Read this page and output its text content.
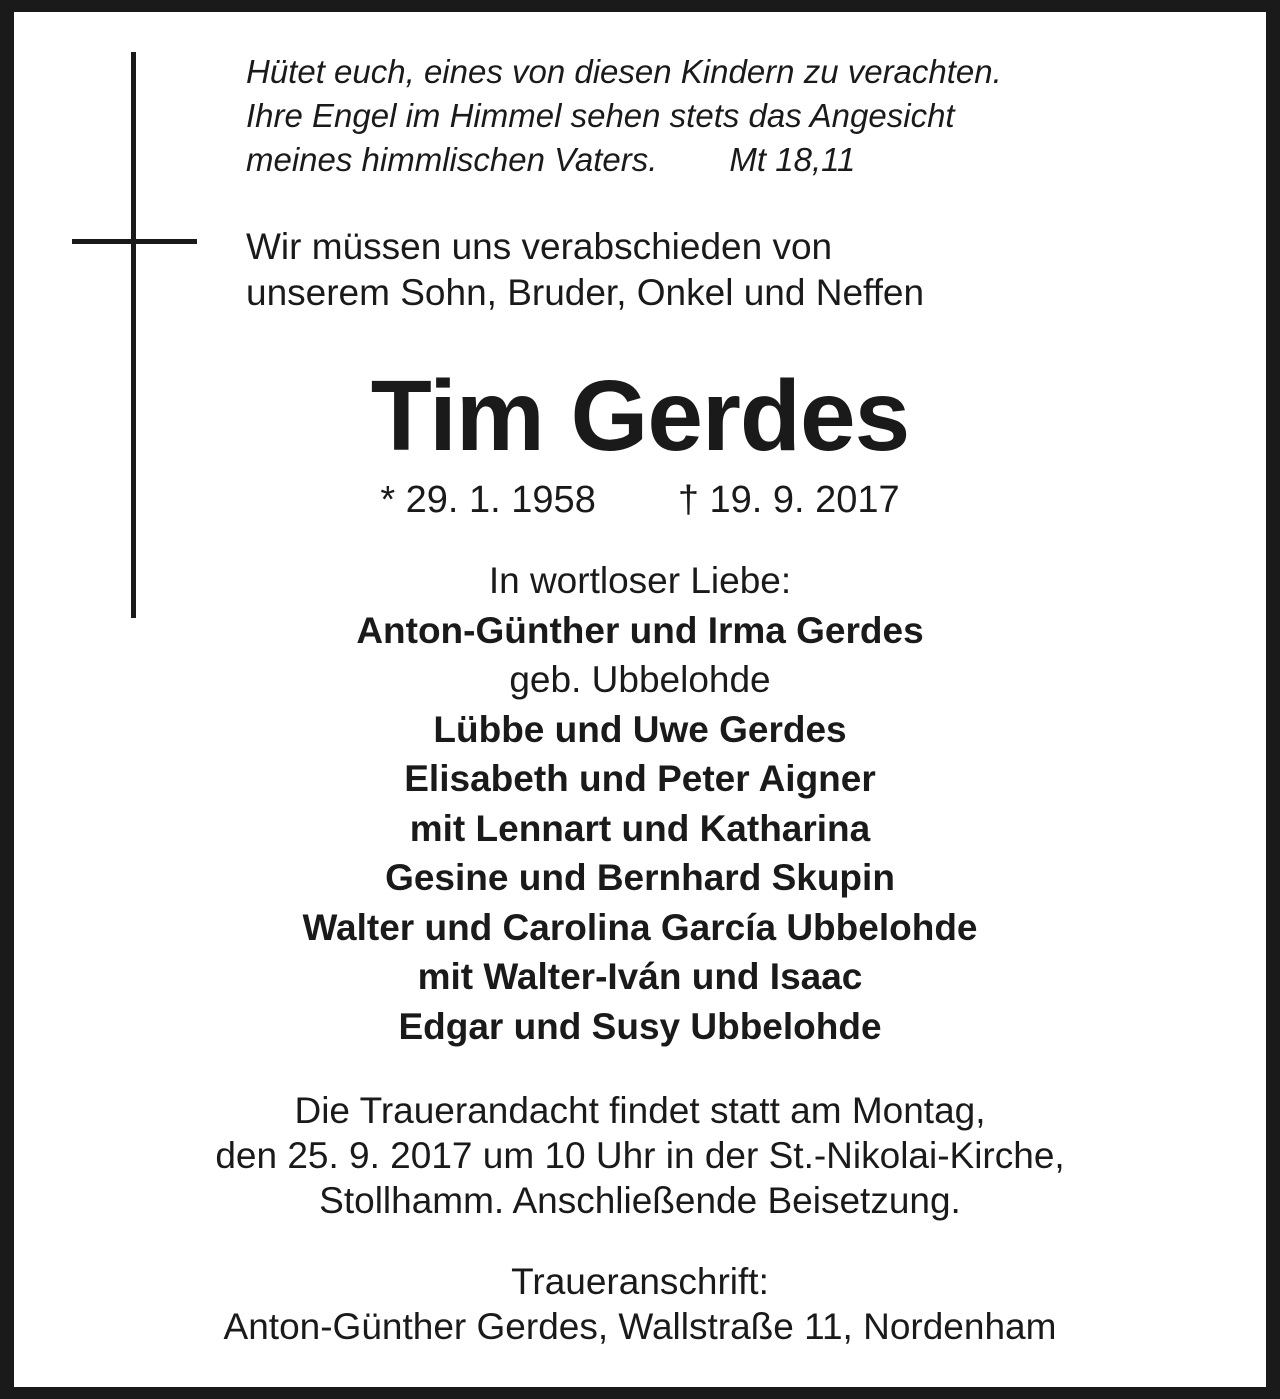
Hütet euch, eines von diesen Kindern zu verachten.
Ihre Engel im Himmel sehen stets das Angesicht
meines himmlischen Vaters. Mt 18,11
Wir müssen uns verabschieden von
unserem Sohn, Bruder, Onkel und Neffen
Tim Gerdes
* 29. 1. 1958 † 19. 9. 2017
In wortloser Liebe:
Anton-Günther und Irma Gerdes
geb. Ubbelohde
Lübbe und Uwe Gerdes
Elisabeth und Peter Aigner
mit Lennart und Katharina
Gesine und Bernhard Skupin
Walter und Carolina García Ubbelohde
mit Walter-Iván und Isaac
Edgar und Susy Ubbelohde
Die Trauerandacht findet statt am Montag,
den 25. 9. 2017 um 10 Uhr in der St.-Nikolai-Kirche,
Stollhamm. Anschließende Beisetzung.
Traueranschrift:
Anton-Günther Gerdes, Wallstraße 11, Nordenham
